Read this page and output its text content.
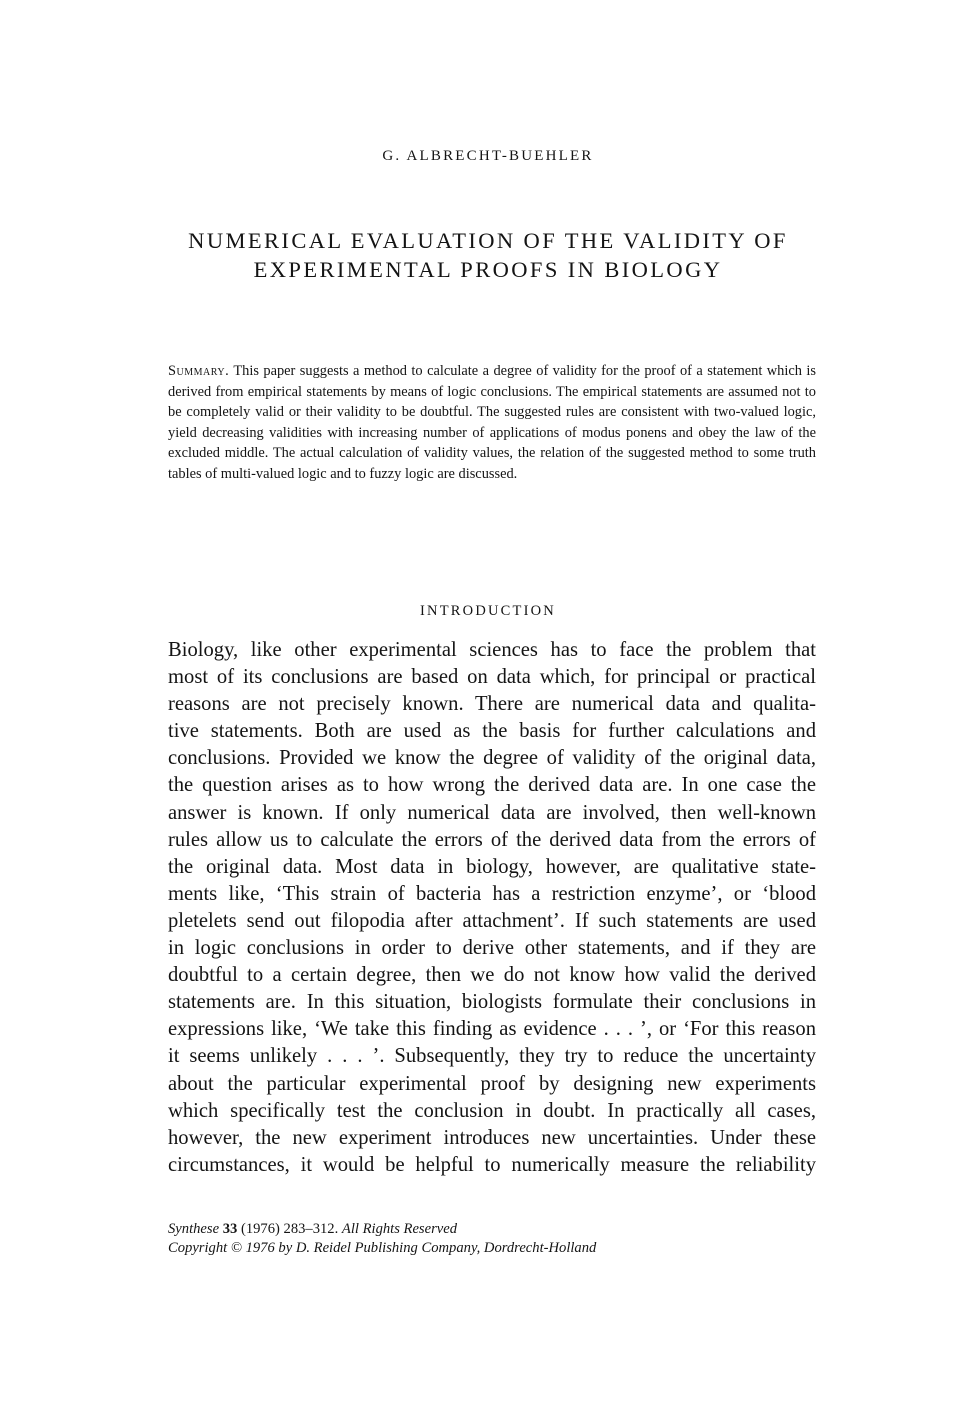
G. ALBRECHT-BUEHLER
NUMERICAL EVALUATION OF THE VALIDITY OF
EXPERIMENTAL PROOFS IN BIOLOGY
Summary. This paper suggests a method to calculate a degree of validity for the proof of a statement which is derived from empirical statements by means of logic conclusions. The empirical statements are assumed not to be completely valid or their validity to be doubtful. The suggested rules are consistent with two-valued logic, yield decreasing validities with increasing number of applications of modus ponens and obey the law of the excluded middle. The actual calculation of validity values, the relation of the suggested method to some truth tables of multi-valued logic and to fuzzy logic are discussed.
INTRODUCTION
Biology, like other experimental sciences has to face the problem that
most of its conclusions are based on data which, for principal or practical
reasons are not precisely known. There are numerical data and qualita-
tive statements. Both are used as the basis for further calculations and
conclusions. Provided we know the degree of validity of the original data,
the question arises as to how wrong the derived data are. In one case the
answer is known. If only numerical data are involved, then well-known
rules allow us to calculate the errors of the derived data from the errors of
the original data. Most data in biology, however, are qualitative state-
ments like, ‘This strain of bacteria has a restriction enzyme’, or ‘blood
pletelets send out filopodia after attachment’. If such statements are used
in logic conclusions in order to derive other statements, and if they are
doubtful to a certain degree, then we do not know how valid the derived
statements are. In this situation, biologists formulate their conclusions in
expressions like, ‘We take this finding as evidence . . . ’, or ‘For this reason
it seems unlikely . . . ’. Subsequently, they try to reduce the uncertainty
about the particular experimental proof by designing new experiments
which specifically test the conclusion in doubt. In practically all cases,
however, the new experiment introduces new uncertainties. Under these
circumstances, it would be helpful to numerically measure the reliability
Synthese 33 (1976) 283–312. All Rights Reserved
Copyright © 1976 by D. Reidel Publishing Company, Dordrecht-Holland
